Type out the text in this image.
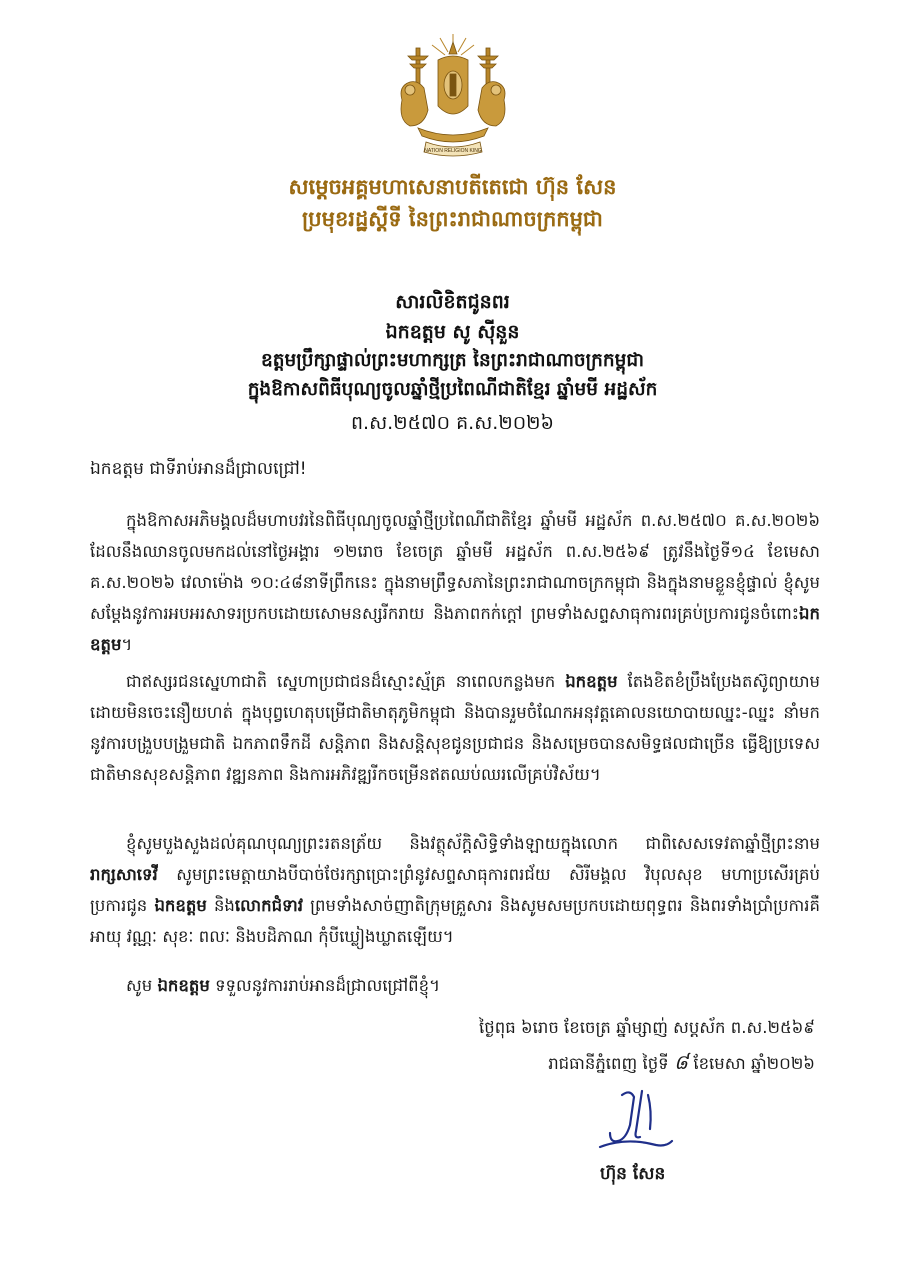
NATION RELIGION KING
សម្តេចអគ្គមហាសេនាបតីតេជោ ហ៊ុន សែន
ប្រមុខរដ្ឋស្តីទី នៃព្រះរាជាណាចក្រកម្ពុជា
សារលិខិតជូនពរ
ឯកឧត្តម សូ ស៊ីនួន
ឧត្តមប្រឹក្សាផ្ទាល់ព្រះមហាក្សត្រ នៃព្រះរាជាណាចក្រកម្ពុជា
ក្នុងឱកាសពិធីបុណ្យចូលឆ្នាំថ្មីប្រពៃណីជាតិខ្មែរ ឆ្នាំមមី អដ្ឋស័ក
ព.ស.២៥៧០ គ.ស.២០២៦
ឯកឧត្តម ជាទីរាប់អានដ៏ជ្រាលជ្រៅ!

ក្នុងឱកាសអភិមង្គលដ៏មហាបវរនៃពិធីបុណ្យចូលឆ្នាំថ្មីប្រពៃណីជាតិខ្មែរ ឆ្នាំមមី អដ្ឋស័ក ព.ស.២៥៧០ គ.ស.២០២៦ ដែលនឹងឈានចូលមកដល់នៅថ្ងៃអង្គារ ១២រោច ខែចេត្រ ឆ្នាំមមី អដ្ឋស័ក ព.ស.២៥៦៩ ត្រូវនឹងថ្ងៃទី១៤ ខែមេសា គ.ស.២០២៦ វេលាម៉ោង ១០:៤៨នាទីព្រឹកនេះ ក្នុងនាមព្រឹទ្ធសភានៃព្រះរាជាណាចក្រកម្ពុជា និងក្នុងនាមខ្លួនខ្ញុំផ្ទាល់ ខ្ញុំសូមសម្តែងនូវការអបអរសាទរប្រកបដោយសោមនស្សរីករាយ និងភាពកក់ក្តៅ ព្រមទាំងសព្ទសាធុការពរគ្រប់ប្រការជូនចំពោះឯកឧត្តម។

ជាឥស្សរជនស្នេហាជាតិ ស្នេហាប្រជាជនដ៏ស្មោះស្ម័គ្រ នាពេលកន្លងមក ឯកឧត្តម តែងខិតខំប្រឹងប្រែងតស៊ូព្យាយាមដោយមិនចេះនឿយហត់ ក្នុងបុព្វហេតុបម្រើជាតិមាតុភូមិកម្ពុជា និងបានរួមចំណែកអនុវត្តគោលនយោបាយឈ្នះ-ឈ្នះ នាំមកនូវការបង្រួបបង្រួមជាតិ ឯកភាពទឹកដី សន្តិភាព និងសន្តិសុខជូនប្រជាជន និងសម្រេចបានសមិទ្ធផលជាច្រើន ធ្វើឱ្យប្រទេសជាតិមានសុខសន្តិភាព វឌ្ឍនភាព និងការអភិវឌ្ឍរីកចម្រើនឥតឈប់ឈរលើគ្រប់វិស័យ។

ខ្ញុំសូមបួងសួងដល់គុណបុណ្យព្រះរតនត្រ័យ និងវត្ថុស័ក្តិសិទ្ធិទាំងឡាយក្នុងលោក ជាពិសេសទេវតាឆ្នាំថ្មីព្រះនាម រាក្សសាទេវី សូមព្រះមេត្តាយាងបីបាច់ថែរក្សាប្រោះព្រំនូវសព្ទសាធុការពរជ័យ សិរីមង្គល វិបុលសុខ មហាប្រសើរគ្រប់ប្រការជូន ឯកឧត្តម និងលោកជំទាវ ព្រមទាំងសាច់ញាតិក្រុមគ្រួសារ និងសូមសមប្រកបដោយពុទ្ធពរ និងពរទាំងប្រាំប្រការគឺ អាយុ វណ្ណៈ សុខៈ ពលៈ និងបដិភាណ កុំបីឃ្លៀងឃ្លាតឡើយ។

សូម ឯកឧត្តម ទទួលនូវការរាប់អានដ៏ជ្រាលជ្រៅពីខ្ញុំ។

ថ្ងៃពុធ ៦រោច ខែចេត្រ ឆ្នាំម្សាញ់ សប្តស័ក ព.ស.២៥៦៩
រាជធានីភ្នំពេញ ថ្ងៃទី ៨ ខែមេសា ឆ្នាំ២០២៦
ហ៊ុន សែន
